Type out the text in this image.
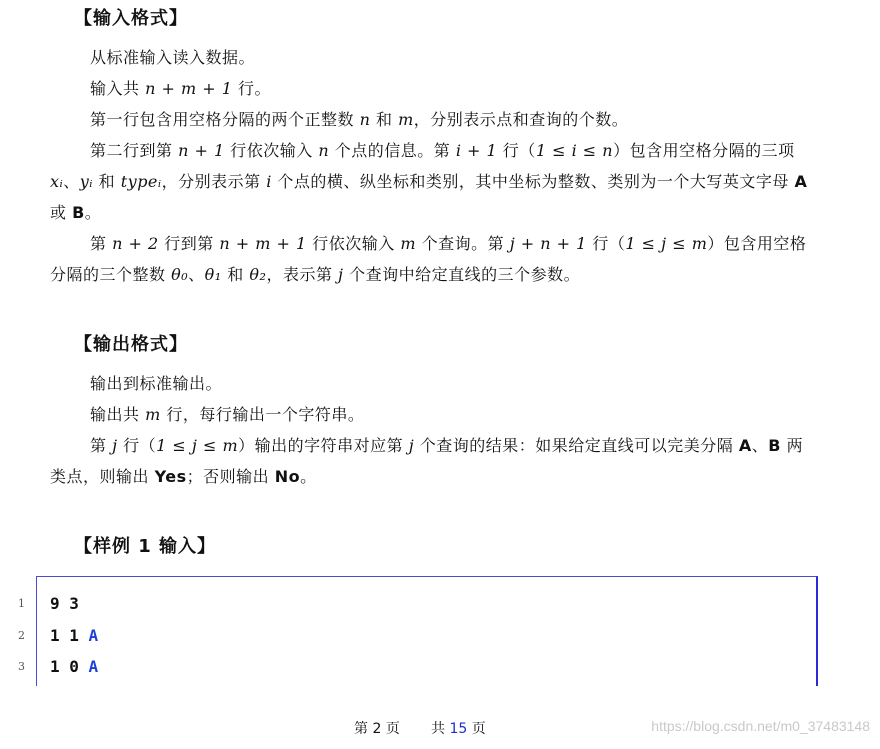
【输入格式】

从标准输入读入数据。

输入共 n + m + 1 行。

第一行包含用空格分隔的两个正整数 n 和 m，分别表示点和查询的个数。

第二行到第 n + 1 行依次输入 n 个点的信息。第 i + 1 行（1 ≤ i ≤ n）包含用空格分隔的三项 xᵢ、yᵢ 和 typeᵢ，分别表示第 i 个点的横、纵坐标和类别，其中坐标为整数、类别为一个大写英文字母 A 或 B。

第 n + 2 行到第 n + m + 1 行依次输入 m 个查询。第 j + n + 1 行（1 ≤ j ≤ m）包含用空格分隔的三个整数 θ₀、θ₁ 和 θ₂，表示第 j 个查询中给定直线的三个参数。

【输出格式】

输出到标准输出。

输出共 m 行，每行输出一个字符串。

第 j 行（1 ≤ j ≤ m）输出的字符串对应第 j 个查询的结果：如果给定直线可以完美分隔 A、B 两类点，则输出 Yes；否则输出 No。

【样例 1 输入】
1 9 3
2 1 1 A
3 1 0 A
第 2 页 共 15 页	https://blog.csdn.net/m0_37483148
